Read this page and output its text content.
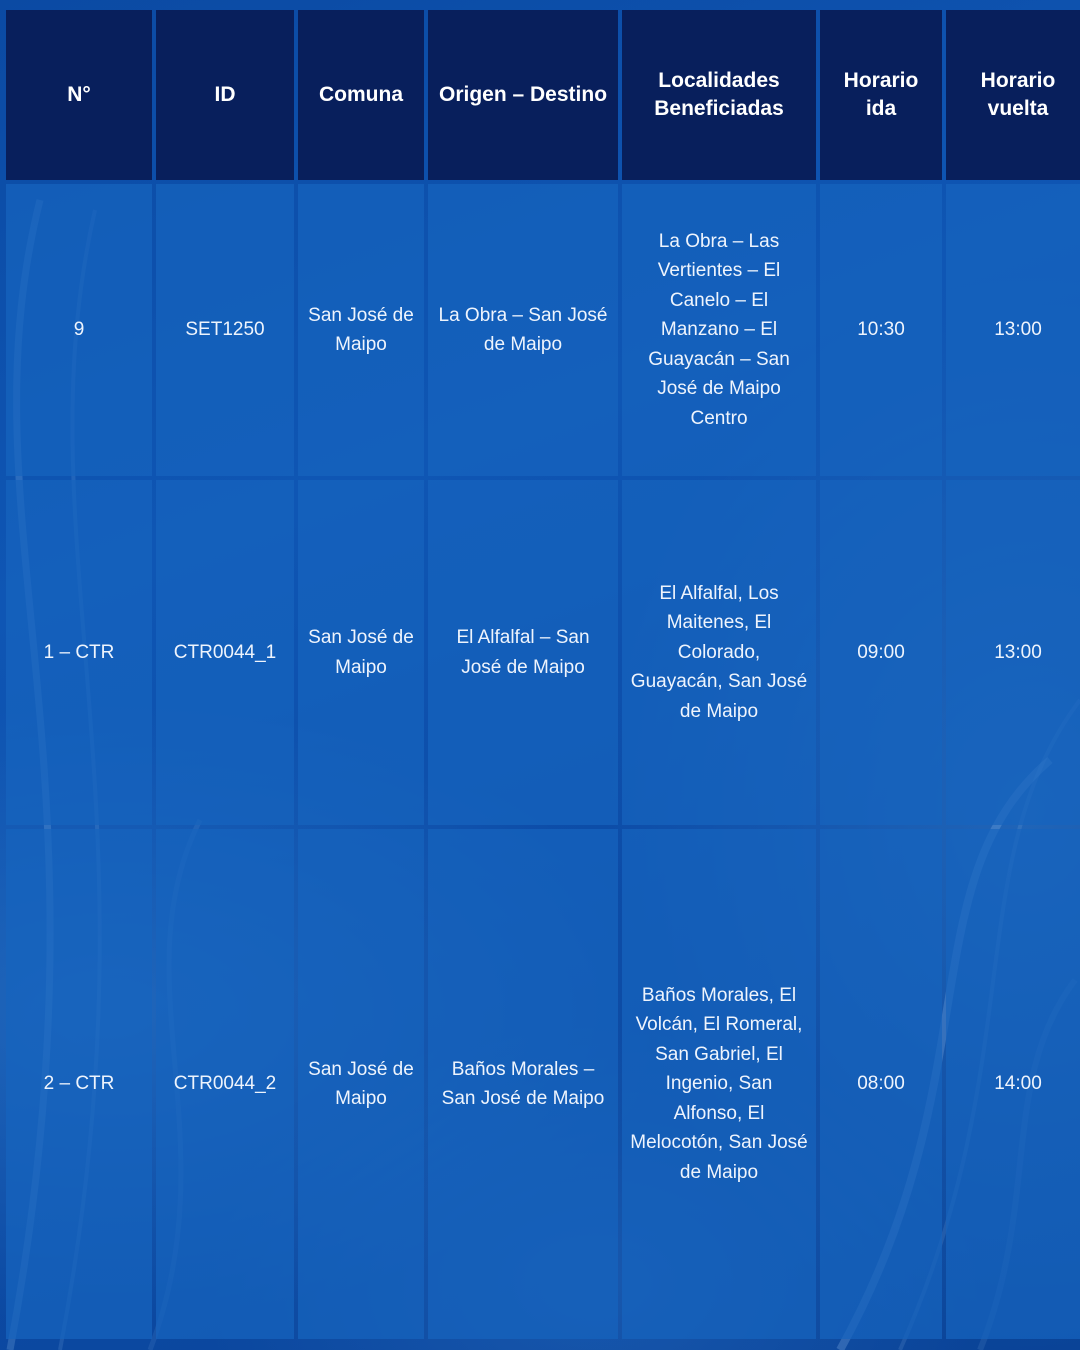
N°	ID	Comuna	Origen – Destino	Localidades Beneficiadas	Horario ida	Horario vuelta
9	SET1250	San José de Maipo	La Obra – San José de Maipo	La Obra – Las Vertientes – El Canelo – El Manzano – El Guayacán – San José de Maipo Centro	10:30	13:00
1 – CTR	CTR0044_1	San José de Maipo	El Alfalfal – San José de Maipo	El Alfalfal, Los Maitenes, El Colorado, Guayacán, San José de Maipo	09:00	13:00
2 – CTR	CTR0044_2	San José de Maipo	Baños Morales – San José de Maipo	Baños Morales, El Volcán, El Romeral, San Gabriel, El Ingenio, San Alfonso, El Melocotón, San José de Maipo	08:00	14:00
